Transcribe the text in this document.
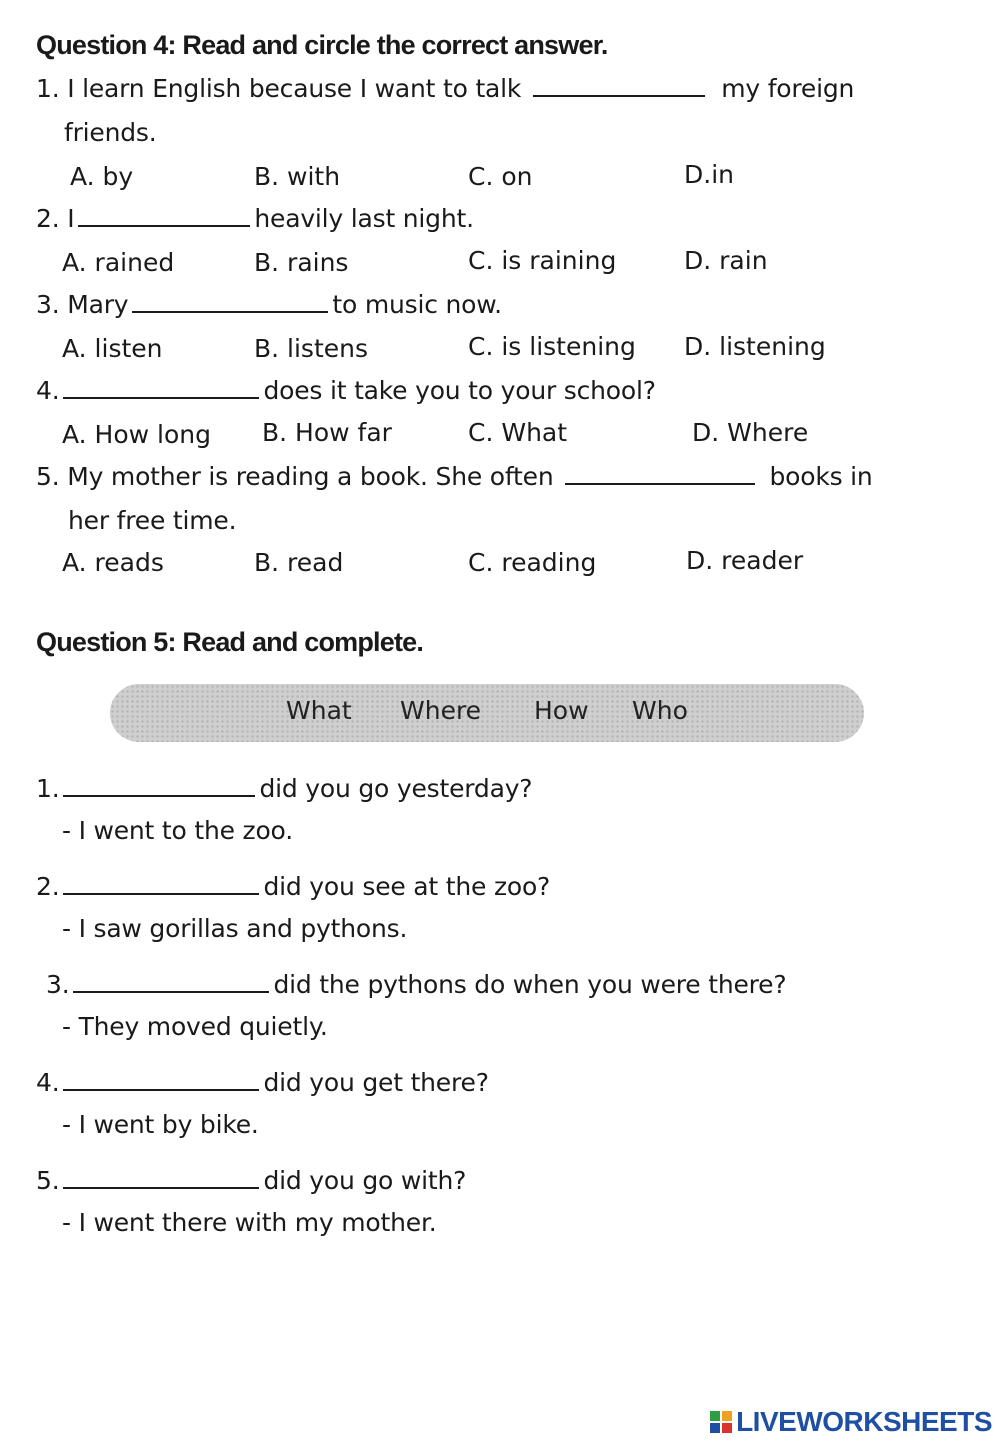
Question 4: Read and circle the correct answer.
1. I learn English because I want to talk	my foreign
friends.
A. by	B. with	C. on	D.in
2. I	heavily last night.
A. rained	B. rains	C. is raining	D. rain
3. Mary	to music now.
A. listen	B. listens	C. is listening D. listening
4.	does it take you to your school?
A. How long B. How far	C. What	D. Where
5. My mother is reading a book. She often	books in
her free time.
A. reads	B. read	C. reading	D. reader
Question 5: Read and complete.
What Where How Who
1.	did you go yesterday?
- I went to the zoo.
2.	did you see at the zoo?
- I saw gorillas and pythons.
3.	did the pythons do when you were there?
- They moved quietly.
4.	did you get there?
- I went by bike.
5.	did you go with?
- I went there with my mother.
LIVEWORKSHEETS
